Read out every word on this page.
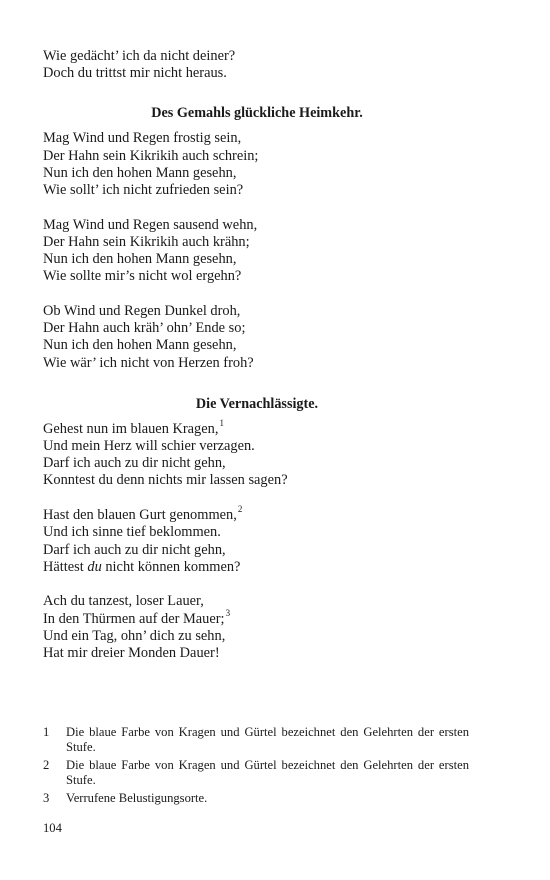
Wie gedächt’ ich da nicht deiner?
Doch du trittst mir nicht heraus.
Des Gemahls glückliche Heimkehr.
Mag Wind und Regen frostig sein,
Der Hahn sein Kikrikih auch schrein;
Nun ich den hohen Mann gesehn,
Wie sollt’ ich nicht zufrieden sein?
Mag Wind und Regen sausend wehn,
Der Hahn sein Kikrikih auch krähn;
Nun ich den hohen Mann gesehn,
Wie sollte mir’s nicht wol ergehn?
Ob Wind und Regen Dunkel droh,
Der Hahn auch kräh’ ohn’ Ende so;
Nun ich den hohen Mann gesehn,
Wie wär’ ich nicht von Herzen froh?
Die Vernachlässigte.
Gehest nun im blauen Kragen,$^1$
Und mein Herz will schier verzagen.
Darf ich auch zu dir nicht gehn,
Konntest du denn nichts mir lassen sagen?
Hast den blauen Gurt genommen,$^2$
Und ich sinne tief beklommen.
Darf ich auch zu dir nicht gehn,
Hättest du nicht können kommen?
Ach du tanzest, loser Lauer,
In den Thürmen auf der Mauer;$^3$
Und ein Tag, ohn’ dich zu sehn,
Hat mir dreier Monden Dauer!
1	Die blaue Farbe von Kragen und Gürtel bezeichnet den Gelehrten der ersten Stufe.
2	Die blaue Farbe von Kragen und Gürtel bezeichnet den Gelehrten der ersten Stufe.
3	Verrufene Belustigungsorte.
104
